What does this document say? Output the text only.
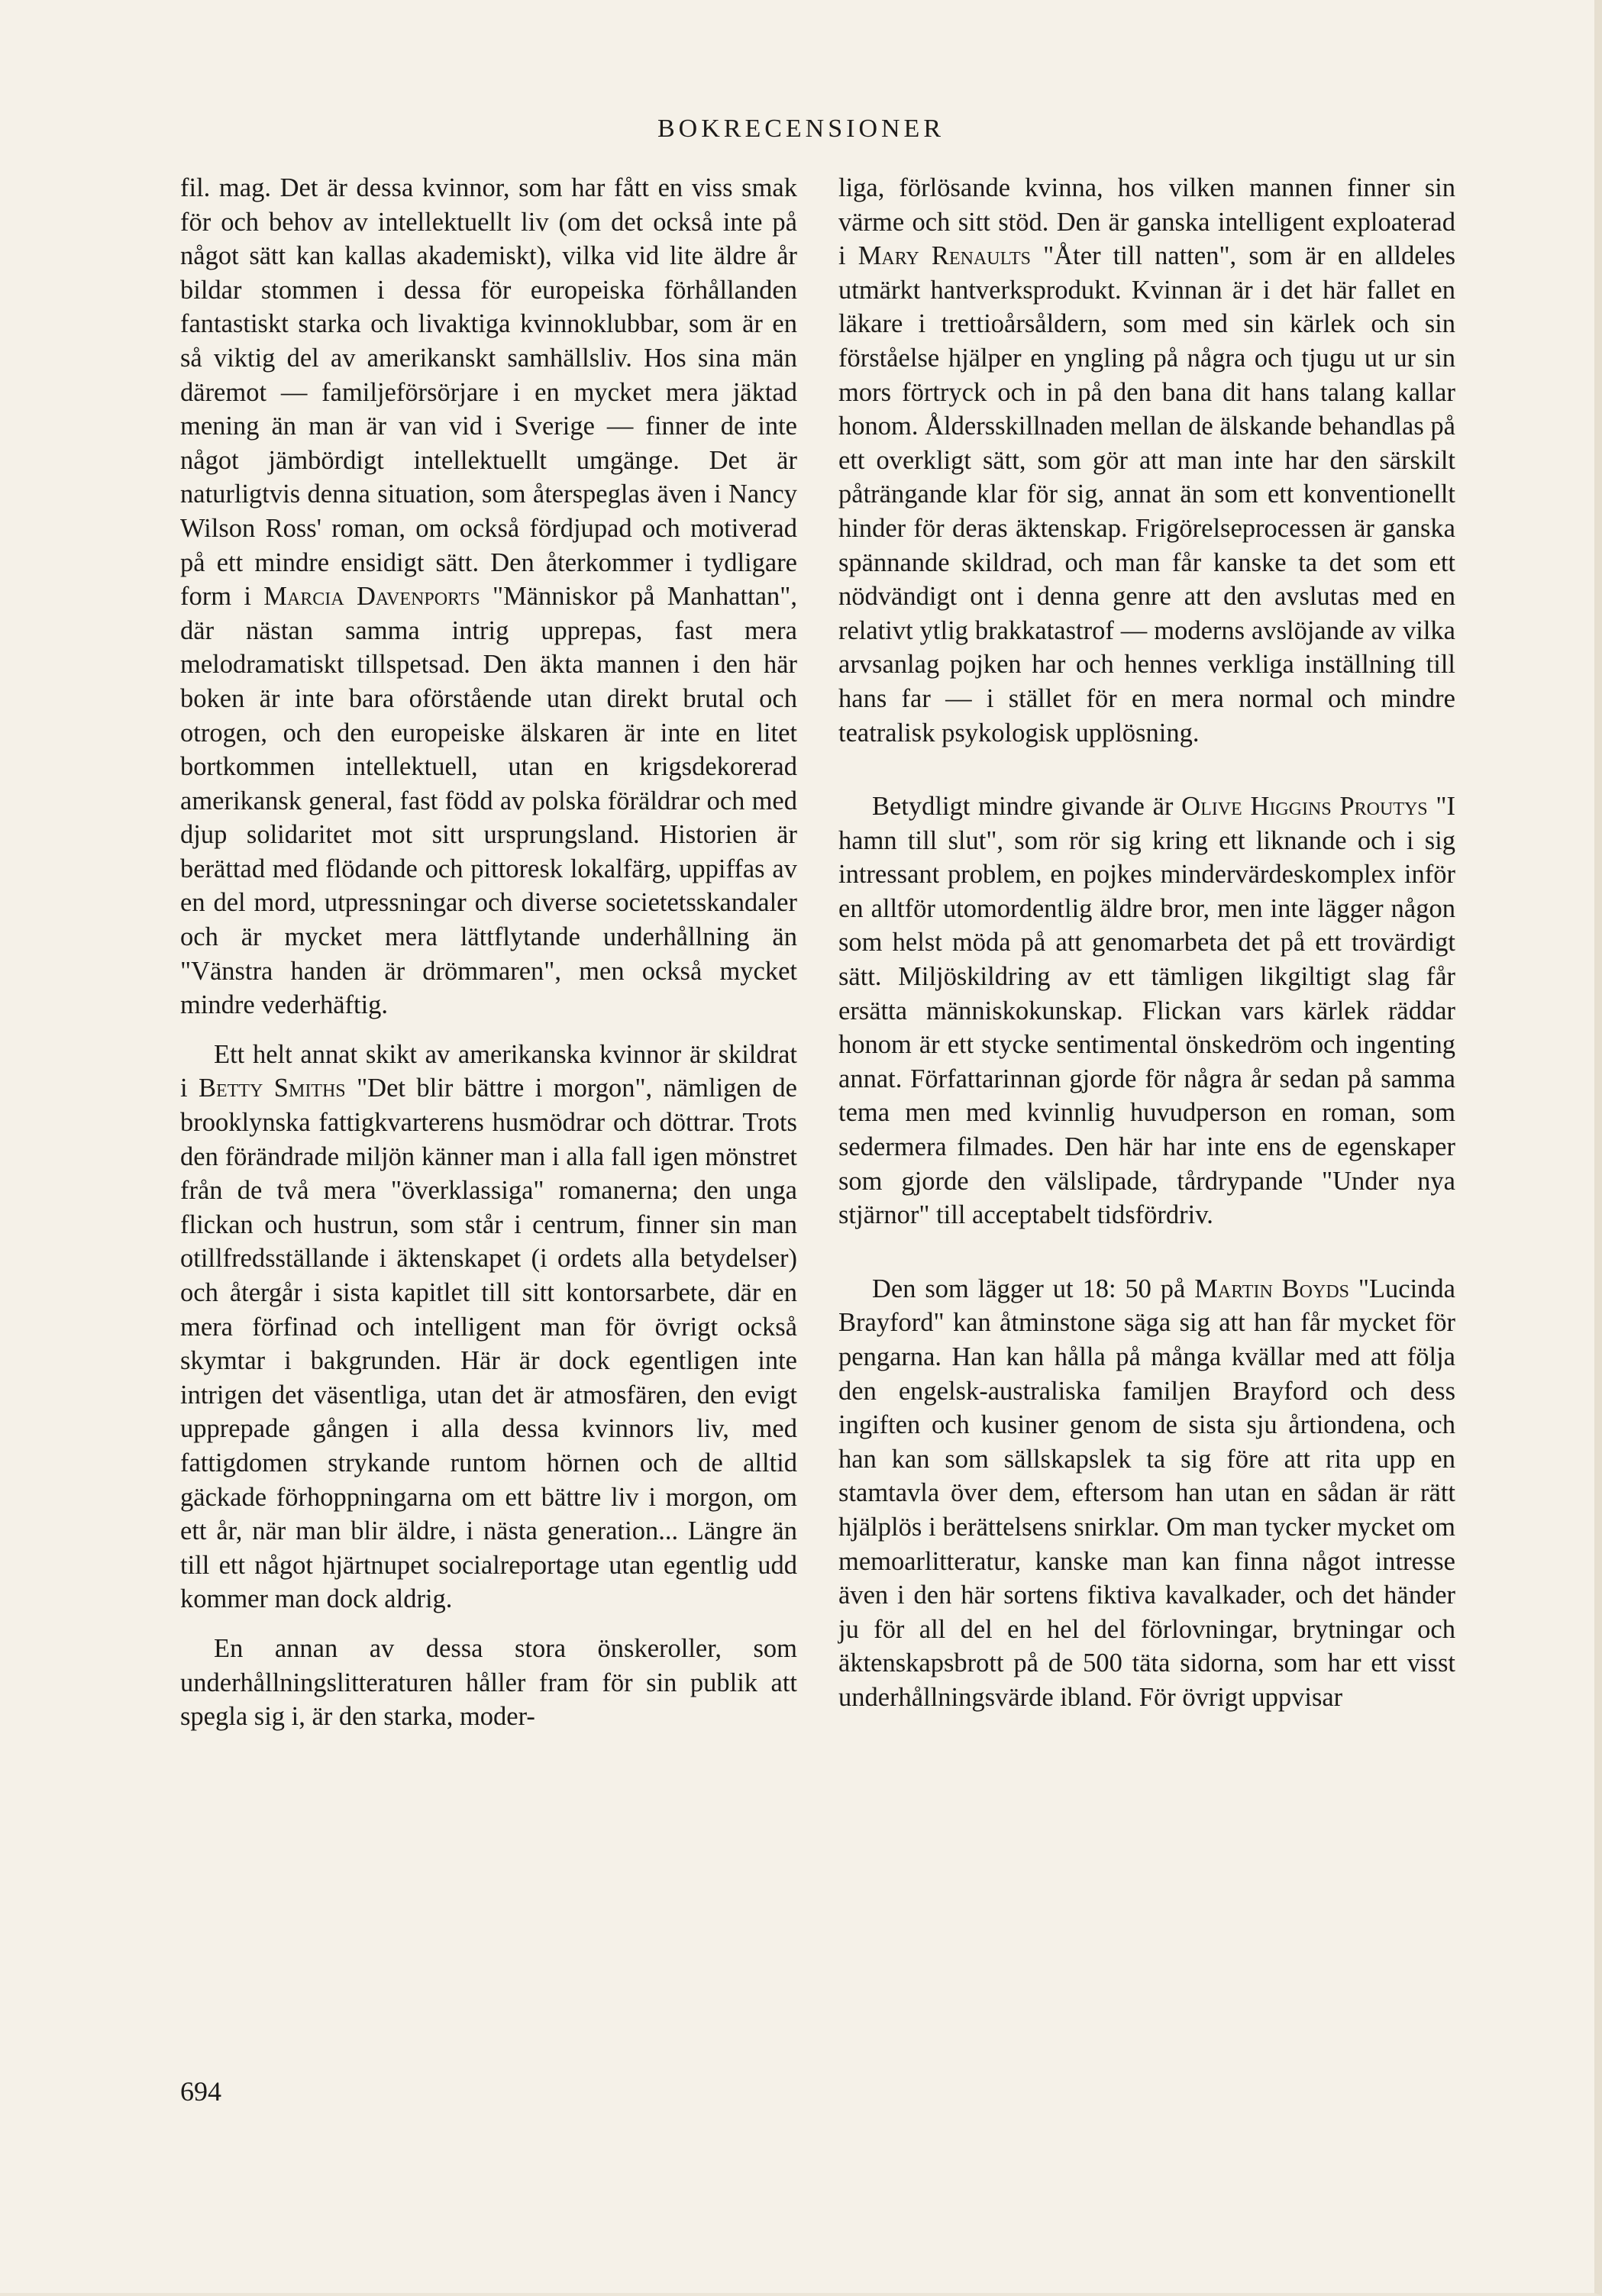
BOKRECENSIONER

fil. mag. Det är dessa kvinnor, som har fått en viss smak för och behov av intellektuellt liv (om det också inte på något sätt kan kallas akademiskt), vilka vid lite äldre år bildar stommen i dessa för europeiska förhållanden fantastiskt starka och livaktiga kvinnoklubbar, som är en så viktig del av amerikanskt samhällsliv. Hos sina män däremot — familjeförsörjare i en mycket mera jäktad mening än man är van vid i Sverige — finner de inte något jämbördigt intellektuellt umgänge. Det är naturligtvis denna situation, som återspeglas även i Nancy Wilson Ross' roman, om också fördjupad och motiverad på ett mindre ensidigt sätt. Den återkommer i tydligare form i Marcia Davenports "Människor på Manhattan", där nästan samma intrig upprepas, fast mera melodramatiskt tillspetsad. Den äkta mannen i den här boken är inte bara oförstående utan direkt brutal och otrogen, och den europeiske älskaren är inte en litet bortkommen intellektuell, utan en krigsdekorerad amerikansk general, fast född av polska föräldrar och med djup solidaritet mot sitt ursprungsland. Historien är berättad med flödande och pittoresk lokalfärg, uppiffas av en del mord, utpressningar och diverse societetsskandaler och är mycket mera lättflytande underhållning än "Vänstra handen är drömmaren", men också mycket mindre vederhäftig.

Ett helt annat skikt av amerikanska kvinnor är skildrat i Betty Smiths "Det blir bättre i morgon", nämligen de brooklynska fattigkvarterens husmödrar och döttrar. Trots den förändrade miljön känner man i alla fall igen mönstret från de två mera "överklassiga" romanerna; den unga flickan och hustrun, som står i centrum, finner sin man otillfredsställande i äktenskapet (i ordets alla betydelser) och återgår i sista kapitlet till sitt kontorsarbete, där en mera förfinad och intelligent man för övrigt också skymtar i bakgrunden. Här är dock egentligen inte intrigen det väsentliga, utan det är atmosfären, den evigt upprepade gången i alla dessa kvinnors liv, med fattigdomen strykande runtom hörnen och de alltid gäckade förhoppningarna om ett bättre liv i morgon, om ett år, när man blir äldre, i nästa generation... Längre än till ett något hjärtnupet socialreportage utan egentlig udd kommer man dock aldrig.

En annan av dessa stora önskeroller, som underhållningslitteraturen håller fram för sin publik att spegla sig i, är den starka, moder-

liga, förlösande kvinna, hos vilken mannen finner sin värme och sitt stöd. Den är ganska intelligent exploaterad i Mary Renaults "Åter till natten", som är en alldeles utmärkt hantverksprodukt. Kvinnan är i det här fallet en läkare i trettioårsåldern, som med sin kärlek och sin förståelse hjälper en yngling på några och tjugu ut ur sin mors förtryck och in på den bana dit hans talang kallar honom. Åldersskillnaden mellan de älskande behandlas på ett overkligt sätt, som gör att man inte har den särskilt påträngande klar för sig, annat än som ett konventionellt hinder för deras äktenskap. Frigörelseprocessen är ganska spännande skildrad, och man får kanske ta det som ett nödvändigt ont i denna genre att den avslutas med en relativt ytlig brakkatastrof — moderns avslöjande av vilka arvsanlag pojken har och hennes verkliga inställning till hans far — i stället för en mera normal och mindre teatralisk psykologisk upplösning.

Betydligt mindre givande är Olive Higgins Proutys "I hamn till slut", som rör sig kring ett liknande och i sig intressant problem, en pojkes mindervärdeskomplex inför en alltför utomordentlig äldre bror, men inte lägger någon som helst möda på att genomarbeta det på ett trovärdigt sätt. Miljöskildring av ett tämligen likgiltigt slag får ersätta människokunskap. Flickan vars kärlek räddar honom är ett stycke sentimental önskedröm och ingenting annat. Författarinnan gjorde för några år sedan på samma tema men med kvinnlig huvudperson en roman, som sedermera filmades. Den här har inte ens de egenskaper som gjorde den välslipade, tårdrypande "Under nya stjärnor" till acceptabelt tidsfördriv.

Den som lägger ut 18: 50 på Martin Boyds "Lucinda Brayford" kan åtminstone säga sig att han får mycket för pengarna. Han kan hålla på många kvällar med att följa den engelsk-australiska familjen Brayford och dess ingiften och kusiner genom de sista sju årtiondena, och han kan som sällskapslek ta sig före att rita upp en stamtavla över dem, eftersom han utan en sådan är rätt hjälplös i berättelsens snirklar. Om man tycker mycket om memoarlitteratur, kanske man kan finna något intresse även i den här sortens fiktiva kavalkader, och det händer ju för all del en hel del förlovningar, brytningar och äktenskapsbrott på de 500 täta sidorna, som har ett visst underhållningsvärde ibland. För övrigt uppvisar

694
